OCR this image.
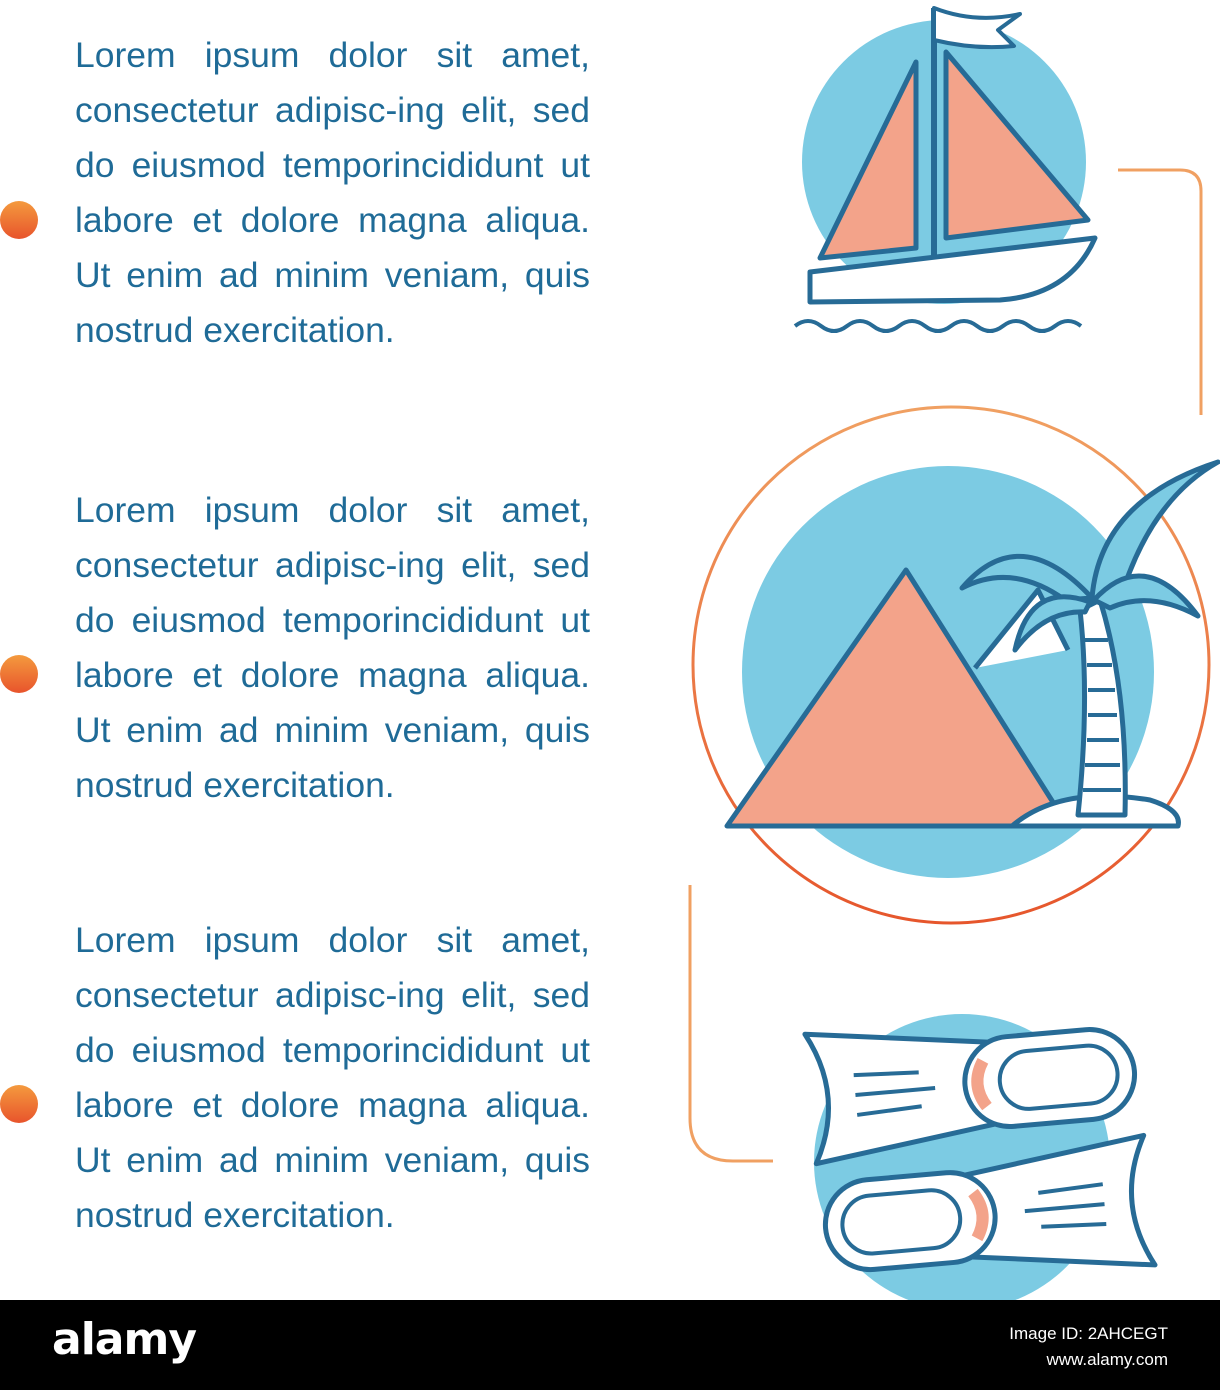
Lorem ipsum dolor sit amet, consectetur adipisc-ing elit, sed do eiusmod temporincididunt ut labore et dolore magna aliqua. Ut enim ad minim veniam, quis nostrud exercitation.

Lorem ipsum dolor sit amet, consectetur adipisc-ing elit, sed do eiusmod temporincididunt ut labore et dolore magna aliqua. Ut enim ad minim veniam, quis nostrud exercitation.

Lorem ipsum dolor sit amet, consectetur adipisc-ing elit, sed do eiusmod temporincididunt ut labore et dolore magna aliqua. Ut enim ad minim veniam, quis nostrud exercitation.

alamy	Image ID: 2AHCEGT
www.alamy.com
